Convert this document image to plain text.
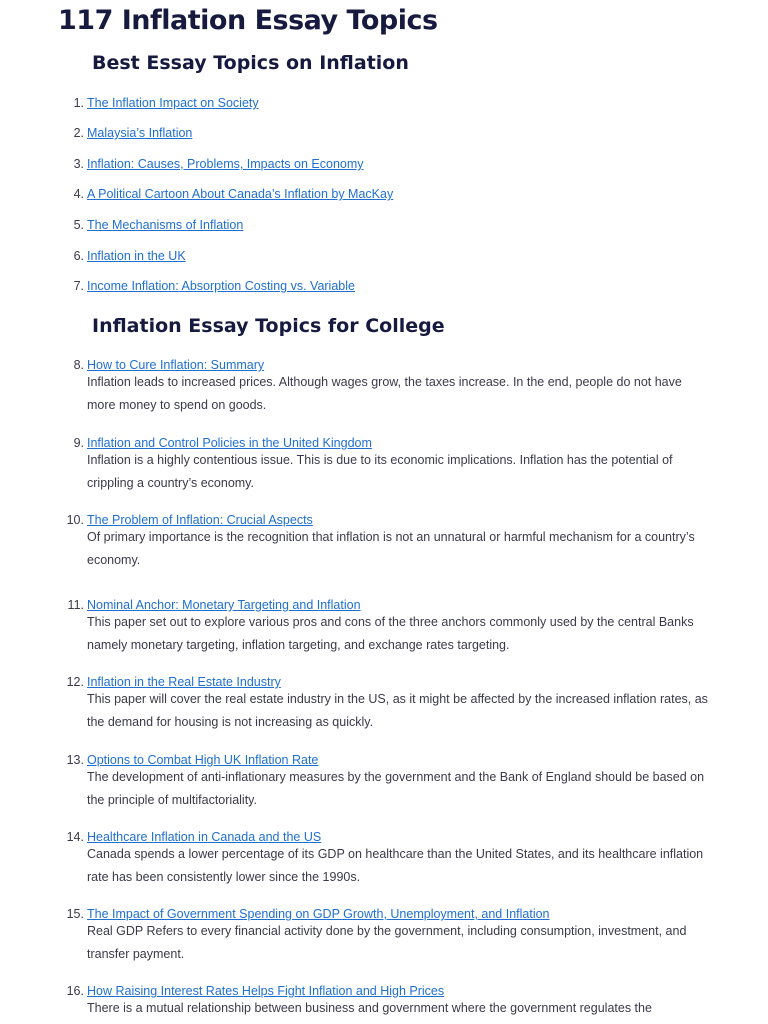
117 Inflation Essay Topics
Best Essay Topics on Inflation
1. The Inflation Impact on Society
2. Malaysia’s Inflation
3. Inflation: Causes, Problems, Impacts on Economy
4. A Political Cartoon About Canada’s Inflation by MacKay
5. The Mechanisms of Inflation
6. Inflation in the UK
7. Income Inflation: Absorption Costing vs. Variable
Inflation Essay Topics for College
8. How to Cure Inflation: Summary

Inflation leads to increased prices. Although wages grow, the taxes increase. In the end, people do not have more money to spend on goods.

9. Inflation and Control Policies in the United Kingdom

Inflation is a highly contentious issue. This is due to its economic implications. Inflation has the potential of crippling a country’s economy.

10. The Problem of Inflation: Crucial Aspects

Of primary importance is the recognition that inflation is not an unnatural or harmful mechanism for a country’s economy.

11. Nominal Anchor: Monetary Targeting and Inflation

This paper set out to explore various pros and cons of the three anchors commonly used by the central Banks namely monetary targeting, inflation targeting, and exchange rates targeting.

12. Inflation in the Real Estate Industry

This paper will cover the real estate industry in the US, as it might be affected by the increased inflation rates, as the demand for housing is not increasing as quickly.

13. Options to Combat High UK Inflation Rate

The development of anti-inflationary measures by the government and the Bank of England should be based on the principle of multifactoriality.

14. Healthcare Inflation in Canada and the US

Canada spends a lower percentage of its GDP on healthcare than the United States, and its healthcare inflation rate has been consistently lower since the 1990s.

15. The Impact of Government Spending on GDP Growth, Unemployment, and Inflation

Real GDP Refers to every financial activity done by the government, including consumption, investment, and transfer payment.

16. How Raising Interest Rates Helps Fight Inflation and High Prices

There is a mutual relationship between business and government where the government regulates the
